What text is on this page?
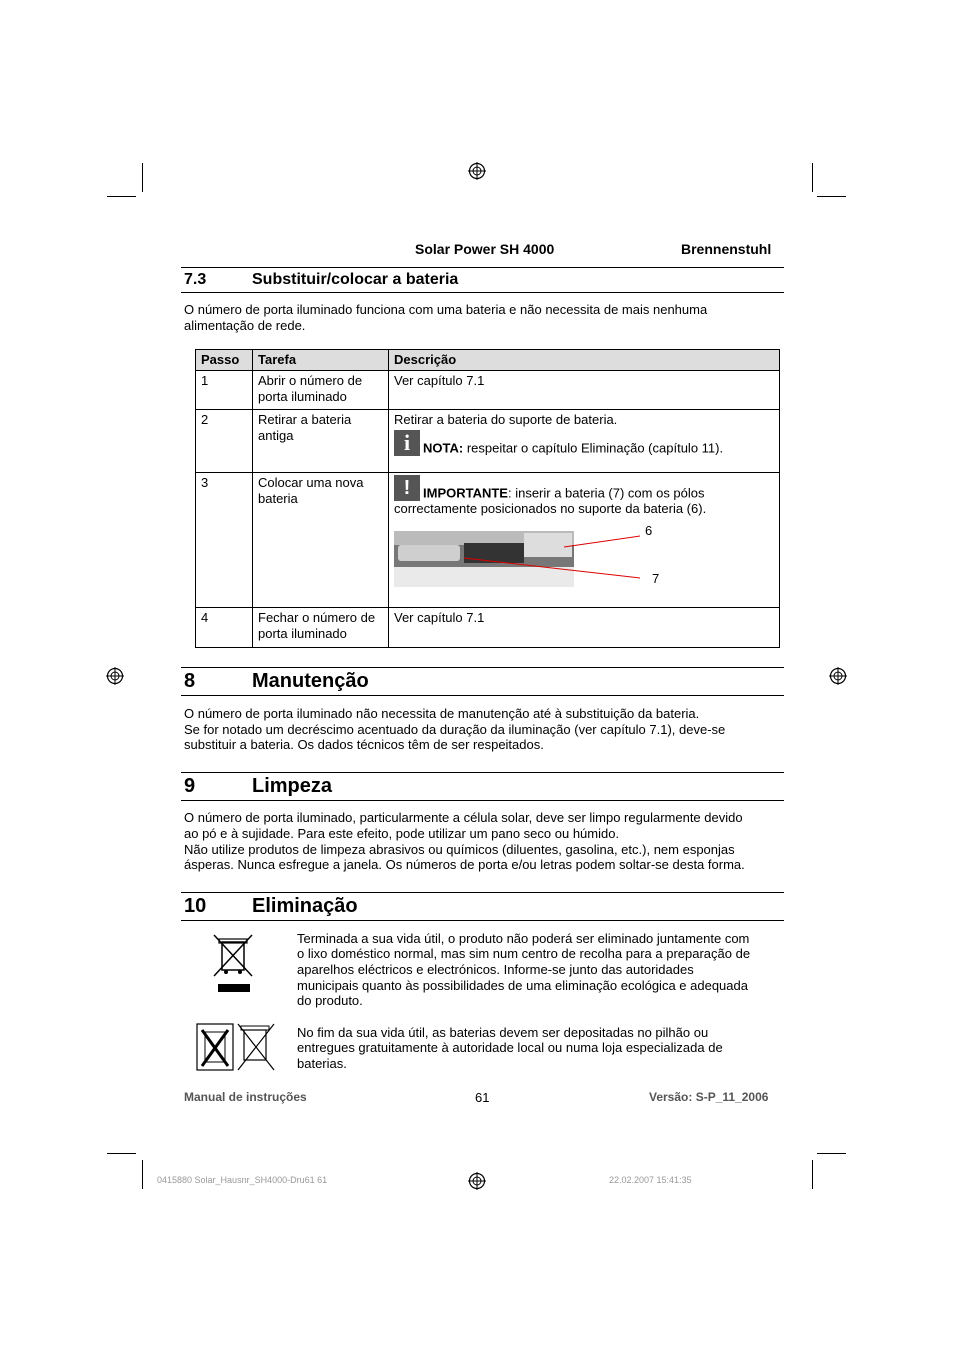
Solar Power SH 4000	Brennenstuhl
7.3	Substituir/colocar a bateria
O número de porta iluminado funciona com uma bateria e não necessita de mais nenhuma
alimentação de rede.
Passo	Tarefa	Descrição
1	Abrir o número de porta iluminado	Ver capítulo 7.1
2	Retirar a bateria antiga	Retirar a bateria do suporte de bateria.
i NOTA: respeitar o capítulo Eliminação (capítulo 11).

3	Colocar uma nova bateria	! IMPORTANTE: inserir a bateria (7) com os pólos correctamente posicionados no suporte da bateria (6).
6
7

4	Fechar o número de porta iluminado	Ver capítulo 7.1
8	Manutenção
O número de porta iluminado não necessita de manutenção até à substituição da bateria.
Se for notado um decréscimo acentuado da duração da iluminação (ver capítulo 7.1), deve-se
substituir a bateria. Os dados técnicos têm de ser respeitados.
9	Limpeza
O número de porta iluminado, particularmente a célula solar, deve ser limpo regularmente devido
ao pó e à sujidade. Para este efeito, pode utilizar um pano seco ou húmido.
Não utilize produtos de limpeza abrasivos ou químicos (diluentes, gasolina, etc.), nem esponjas
ásperas. Nunca esfregue a janela. Os números de porta e/ou letras podem soltar-se desta forma.
10 Eliminação
Terminada a sua vida útil, o produto não poderá ser eliminado juntamente com
o lixo doméstico normal, mas sim num centro de recolha para a preparação de
aparelhos eléctricos e electrónicos. Informe-se junto das autoridades
municipais quanto às possibilidades de uma eliminação ecológica e adequada
do produto.
No fim da sua vida útil, as baterias devem ser depositadas no pilhão ou
entregues gratuitamente à autoridade local ou numa loja especializada de
baterias.
Manual de instruções	61	Versão: S-P_11_2006
0415880 Solar_Hausnr_SH4000-Dru61 61	22.02.2007 15:41:35
